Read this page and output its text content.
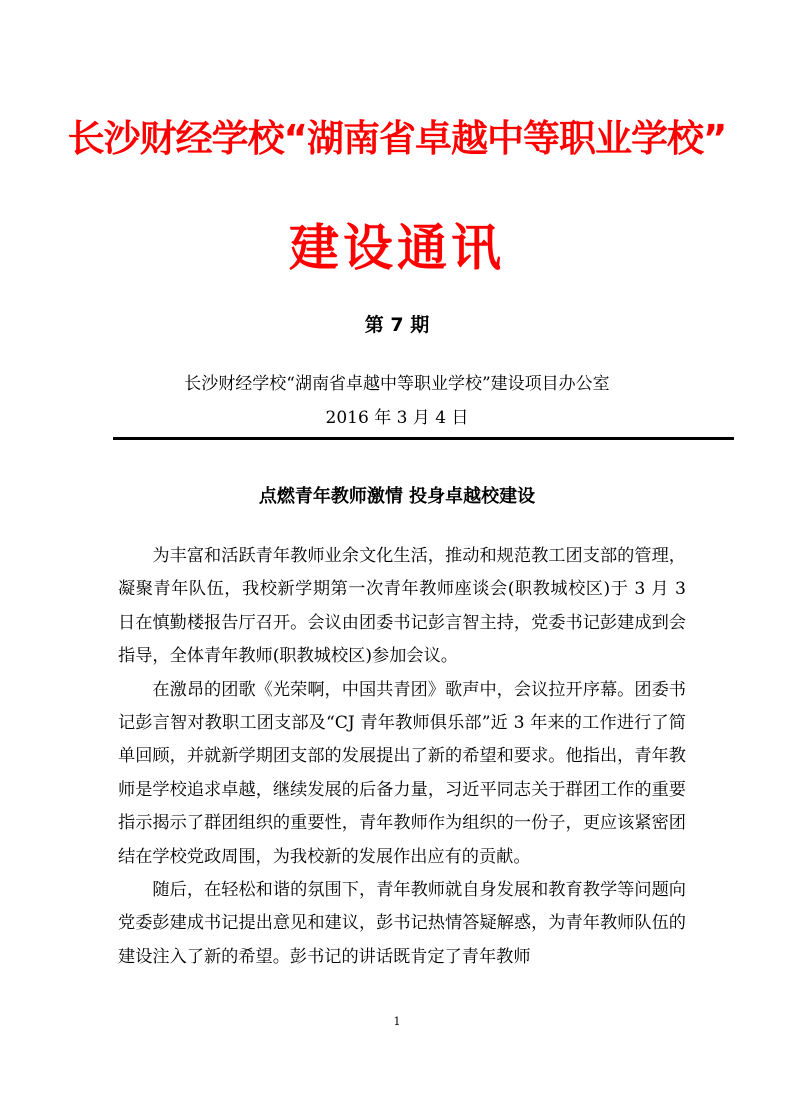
长沙财经学校“湖南省卓越中等职业学校”
建设通讯
第 7 期
长沙财经学校“湖南省卓越中等职业学校”建设项目办公室
2016 年 3 月 4 日
点燃青年教师激情 投身卓越校建设

为丰富和活跃青年教师业余文化生活，推动和规范教工团支部的管理，凝聚青年队伍，我校新学期第一次青年教师座谈会(职教城校区)于 3 月 3 日在慎勤楼报告厅召开。会议由团委书记彭言智主持，党委书记彭建成到会指导，全体青年教师(职教城校区)参加会议。

在激昂的团歌《光荣啊，中国共青团》歌声中，会议拉开序幕。团委书记彭言智对教职工团支部及“CJ 青年教师俱乐部”近 3 年来的工作进行了简单回顾，并就新学期团支部的发展提出了新的希望和要求。他指出，青年教师是学校追求卓越，继续发展的后备力量，习近平同志关于群团工作的重要指示揭示了群团组织的重要性，青年教师作为组织的一份子，更应该紧密团结在学校党政周围，为我校新的发展作出应有的贡献。

随后，在轻松和谐的氛围下，青年教师就自身发展和教育教学等问题向党委彭建成书记提出意见和建议，彭书记热情答疑解惑，为青年教师队伍的建设注入了新的希望。彭书记的讲话既肯定了青年教师

1
